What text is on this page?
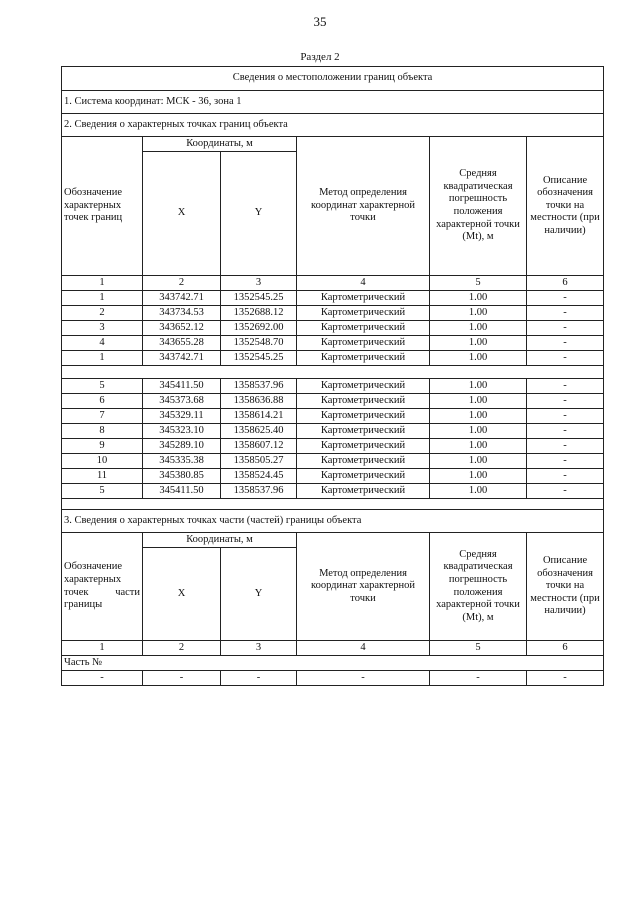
35
Раздел 2
Сведения о местоположении границ объекта					
1. Система координат: МСК - 36, зона 1					
2. Сведения о характерных точках границ объекта					
Обозначение характерных точек границ	Координаты, м		Метод определения координат характерной точки	Средняя квадратическая погрешность положения характерной точки (Mt), м	Описание обозначения точки на местности (при наличии)
	X	Y			
1	2	3	4	5	6
1	343742.71	1352545.25	Картометрический	1.00	-
2	343734.53	1352688.12	Картометрический	1.00	-
3	343652.12	1352692.00	Картометрический	1.00	-
4	343655.28	1352548.70	Картометрический	1.00	-
1	343742.71	1352545.25	Картометрический	1.00	-

5	345411.50	1358537.96	Картометрический	1.00	-
6	345373.68	1358636.88	Картометрический	1.00	-
7	345329.11	1358614.21	Картометрический	1.00	-
8	345323.10	1358625.40	Картометрический	1.00	-
9	345289.10	1358607.12	Картометрический	1.00	-
10	345335.38	1358505.27	Картометрический	1.00	-
11	345380.85	1358524.45	Картометрический	1.00	-
5	345411.50	1358537.96	Картометрический	1.00	-

3. Сведения о характерных точках части (частей) границы объекта					
Обозначение характерных точек части границы	Координаты, м		Метод определения координат характерной точки	Средняя квадратическая погрешность положения характерной точки (Mt), м	Описание обозначения точки на местности (при наличии)
	X	Y			
1	2	3	4	5	6
Часть №					
-	-	-	-	-	-
